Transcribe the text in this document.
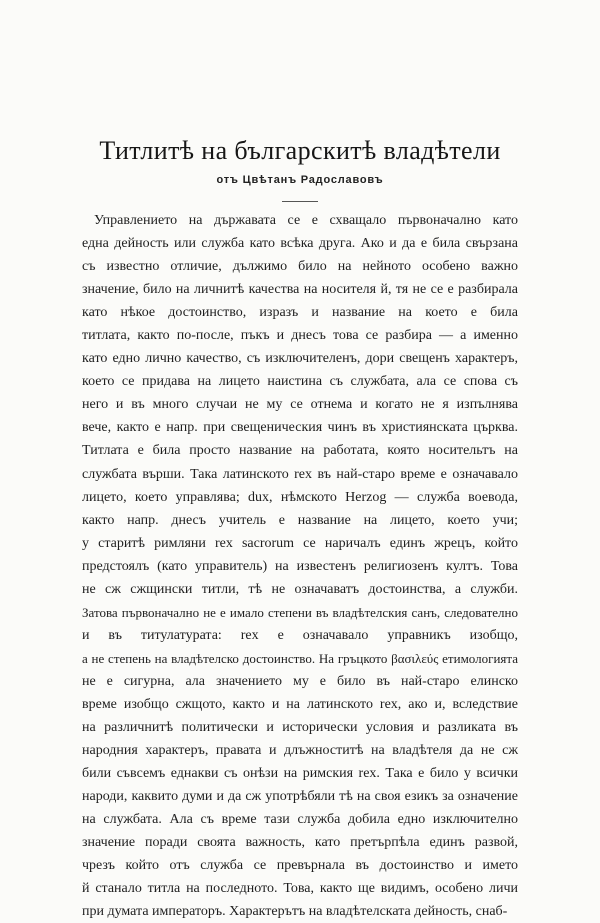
Титлитѣ на българскитѣ владѣтели
отъ Цвѣтанъ Радославовъ
Управлението на държавата се е схващало първоначално като
една дейность или служба като всѣка друга. Ако и да е била свързана
съ известно отличие, дължимо било на нейното особено важно
значение, било на личнитѣ качества на носителя й, тя не се е разбирала
като нѣкое достоинство, изразъ и название на което е била
титлата, както по-после, пъкъ и днесъ това се разбира — а именно
като едно лично качество, съ изключителенъ, дори свещенъ характеръ,
което се придава на лицето наистина съ службата, ала се спова съ
него и въ много случаи не му се отнема и когато не я изпълнява
вече, както е напр. при свещеническия чинъ въ християнската църква.
Титлата е била просто название на работата, която носительтъ на
службата върши. Така латинското rex въ най-старо време е означавало
лицето, което управлява; dux, нѣмското Herzog — служба воевода,
както напр. днесъ учитель е название на лицето, което учи;
у старитѣ римляни rex sacrorum се наричалъ единъ жрецъ, който
предстоялъ (като управитель) на известенъ религиозенъ култъ. Това
не сж сжщински титли, тѣ не означаватъ достоинства, а служби.
Затова първоначално не е имало степени въ владѣтелския санъ, следователно
и въ титулатурата: rex е означавало управникъ изобщо,
а не степень на владѣтелско достоинство. На гръцкото βασιλεύς етимологията
не е сигурна, ала значението му е било въ най-старо елинско
време изобщо сжщото, както и на латинското rex, ако и, вследствие
на различнитѣ политически и исторически условия и разликата въ
народния характеръ, правата и длъжноститѣ на владѣтеля да не сж
били съвсемъ еднакви съ онѣзи на римския rex. Така е било у всички
народи, каквито думи и да сж употрѣбяли тѣ на своя езикъ за означение
на службата. Ала съ време тази служба добила едно изключително
значение поради своята важность, като претърпѣла единъ развой,
чрезъ който отъ служба се превърнала въ достоинство и името
й станало титла на последното. Това, както ще видимъ, особено личи
при думата императоръ. Характерътъ на владѣтелската дейность, снаб-
